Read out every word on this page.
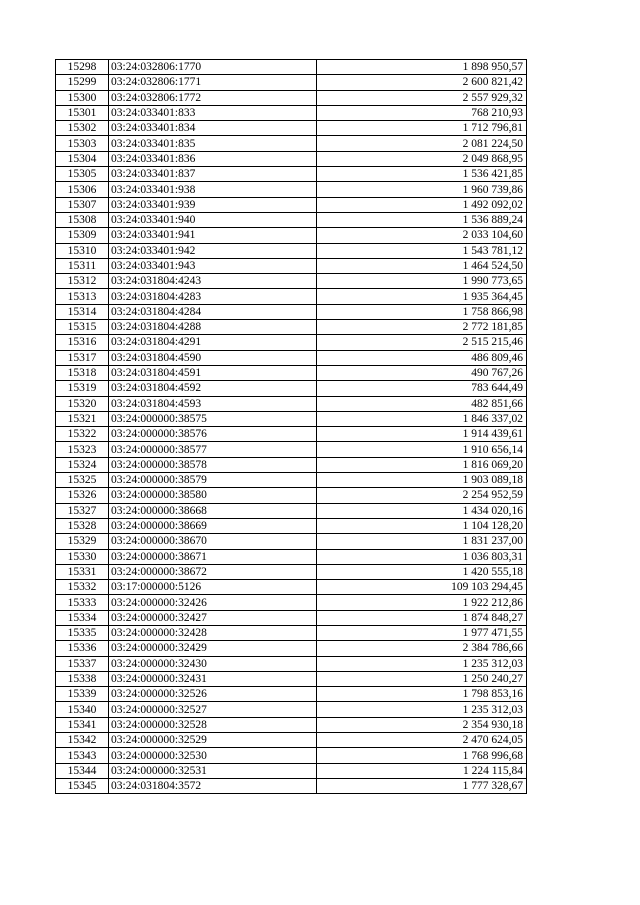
15298	03:24:032806:1770	1 898 950,57
15299	03:24:032806:1771	2 600 821,42
15300	03:24:032806:1772	2 557 929,32
15301	03:24:033401:833	768 210,93
15302	03:24:033401:834	1 712 796,81
15303	03:24:033401:835	2 081 224,50
15304	03:24:033401:836	2 049 868,95
15305	03:24:033401:837	1 536 421,85
15306	03:24:033401:938	1 960 739,86
15307	03:24:033401:939	1 492 092,02
15308	03:24:033401:940	1 536 889,24
15309	03:24:033401:941	2 033 104,60
15310	03:24:033401:942	1 543 781,12
15311	03:24:033401:943	1 464 524,50
15312	03:24:031804:4243	1 990 773,65
15313	03:24:031804:4283	1 935 364,45
15314	03:24:031804:4284	1 758 866,98
15315	03:24:031804:4288	2 772 181,85
15316	03:24:031804:4291	2 515 215,46
15317	03:24:031804:4590	486 809,46
15318	03:24:031804:4591	490 767,26
15319	03:24:031804:4592	783 644,49
15320	03:24:031804:4593	482 851,66
15321	03:24:000000:38575	1 846 337,02
15322	03:24:000000:38576	1 914 439,61
15323	03:24:000000:38577	1 910 656,14
15324	03:24:000000:38578	1 816 069,20
15325	03:24:000000:38579	1 903 089,18
15326	03:24:000000:38580	2 254 952,59
15327	03:24:000000:38668	1 434 020,16
15328	03:24:000000:38669	1 104 128,20
15329	03:24:000000:38670	1 831 237,00
15330	03:24:000000:38671	1 036 803,31
15331	03:24:000000:38672	1 420 555,18
15332	03:17:000000:5126	109 103 294,45
15333	03:24:000000:32426	1 922 212,86
15334	03:24:000000:32427	1 874 848,27
15335	03:24:000000:32428	1 977 471,55
15336	03:24:000000:32429	2 384 786,66
15337	03:24:000000:32430	1 235 312,03
15338	03:24:000000:32431	1 250 240,27
15339	03:24:000000:32526	1 798 853,16
15340	03:24:000000:32527	1 235 312,03
15341	03:24:000000:32528	2 354 930,18
15342	03:24:000000:32529	2 470 624,05
15343	03:24:000000:32530	1 768 996,68
15344	03:24:000000:32531	1 224 115,84
15345	03:24:031804:3572	1 777 328,67
